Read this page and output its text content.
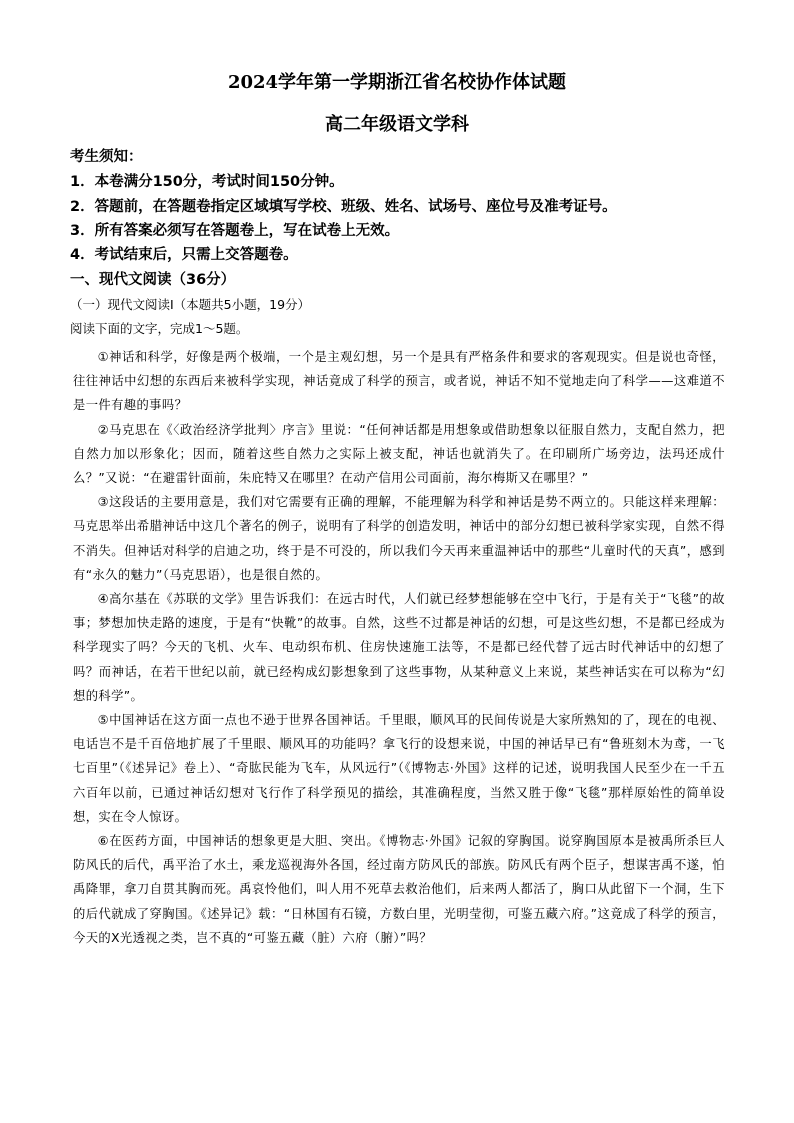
2024学年第一学期浙江省名校协作体试题
高二年级语文学科

考生须知：

1．本卷满分150分，考试时间150分钟。

2．答题前，在答题卷指定区域填写学校、班级、姓名、试场号、座位号及准考证号。

3．所有答案必须写在答题卷上，写在试卷上无效。

4．考试结束后，只需上交答题卷。

一、现代文阅读（36分）

（一）现代文阅读Ⅰ（本题共5小题，19分）

阅读下面的文字，完成1～5题。

①神话和科学，好像是两个极端，一个是主观幻想，另一个是具有严格条件和要求的客观现实。但是说也奇怪，往往神话中幻想的东西后来被科学实现，神话竟成了科学的预言，或者说，神话不知不觉地走向了科学——这难道不是一件有趣的事吗？

②马克思在《〈政治经济学批判〉序言》里说：“任何神话都是用想象或借助想象以征服自然力，支配自然力，把自然力加以形象化；因而，随着这些自然力之实际上被支配，神话也就消失了。在印刷所广场旁边，法玛还成什么？”又说：“在避雷针面前，朱庇特又在哪里？在动产信用公司面前，海尔梅斯又在哪里？”

③这段话的主要用意是，我们对它需要有正确的理解，不能理解为科学和神话是势不两立的。只能这样来理解：马克思举出希腊神话中这几个著名的例子，说明有了科学的创造发明，神话中的部分幻想已被科学家实现，自然不得不消失。但神话对科学的启迪之功，终于是不可没的，所以我们今天再来重温神话中的那些“儿童时代的天真”，感到有“永久的魅力”（马克思语），也是很自然的。

④高尔基在《苏联的文学》里告诉我们：在远古时代，人们就已经梦想能够在空中飞行，于是有关于“飞毯”的故事；梦想加快走路的速度，于是有“快靴”的故事。自然，这些不过都是神话的幻想，可是这些幻想，不是都已经成为科学现实了吗？今天的飞机、火车、电动织布机、住房快速施工法等，不是都已经代替了远古时代神话中的幻想了吗？而神话，在若干世纪以前，就已经构成幻影想象到了这些事物，从某种意义上来说，某些神话实在可以称为“幻想的科学”。

⑤中国神话在这方面一点也不逊于世界各国神话。千里眼，顺风耳的民间传说是大家所熟知的了，现在的电视、电话岂不是千百倍地扩展了千里眼、顺风耳的功能吗？拿飞行的设想来说，中国的神话早已有“鲁班刻木为鸢，一飞七百里”（《述异记》卷上）、“奇肱民能为飞车，从风远行”（《博物志·外国》这样的记述，说明我国人民至少在一千五六百年以前，已通过神话幻想对飞行作了科学预见的描绘，其准确程度，当然又胜于像“飞毯”那样原始性的简单设想，实在令人惊讶。

⑥在医药方面，中国神话的想象更是大胆、突出。《博物志·外国》记叙的穿胸国。说穿胸国原本是被禹所杀巨人防风氏的后代，禹平治了水土，乘龙巡视海外各国，经过南方防风氏的部族。防风氏有两个臣子，想谋害禹不遂，怕禹降罪，拿刀自贯其胸而死。禹哀怜他们，叫人用不死草去救治他们，后来两人都活了，胸口从此留下一个洞，生下的后代就成了穿胸国。《述异记》载：“日林国有石镜，方数白里，光明莹彻，可鉴五藏六府。”这竟成了科学的预言，今天的X光透视之类，岂不真的“可鉴五藏（脏）六府（腑）”吗？
